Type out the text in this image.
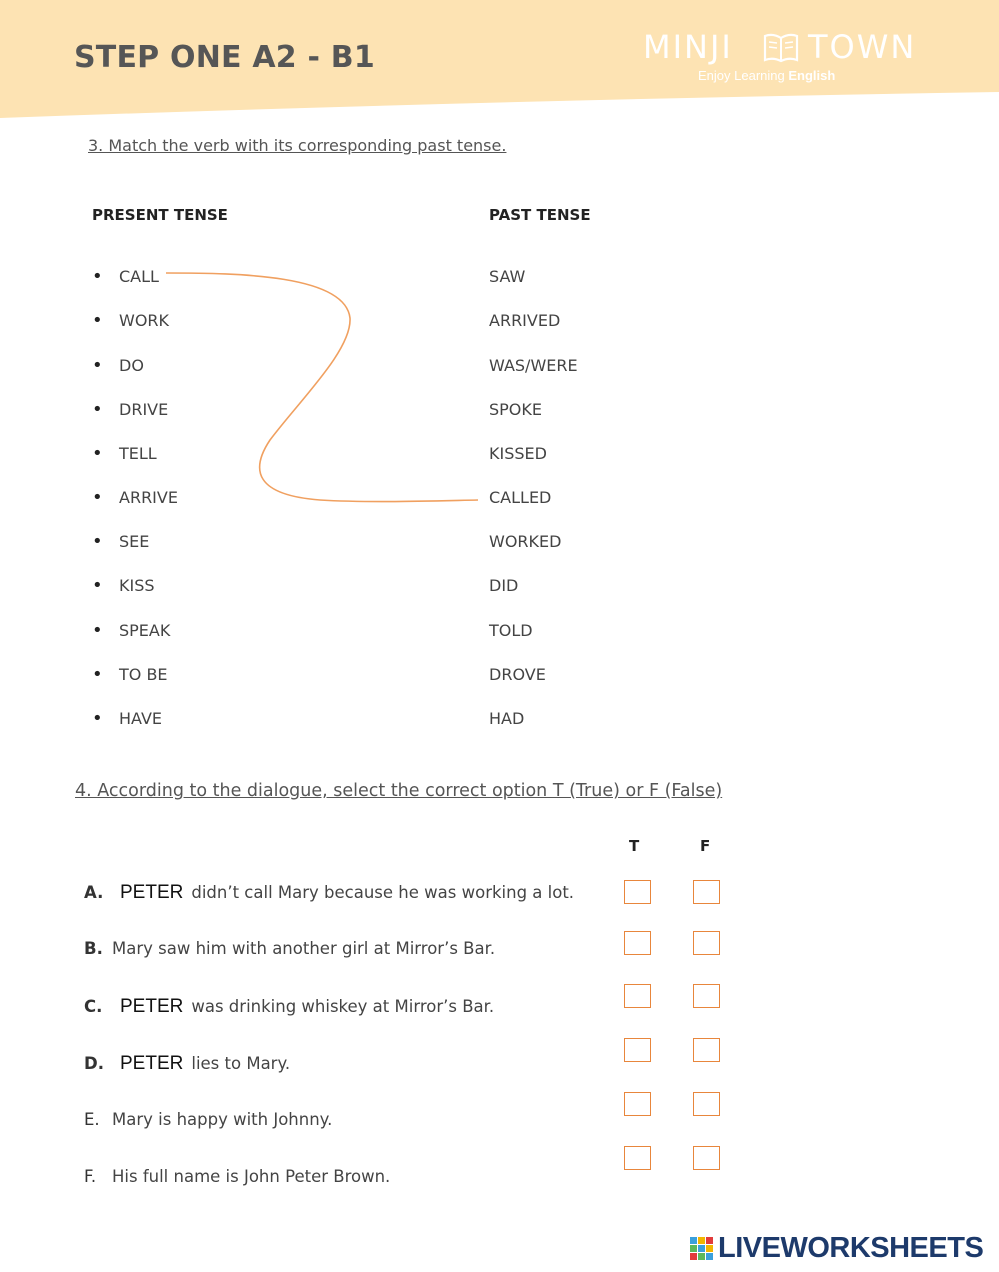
STEP ONE A2 - B1	MINJI TOWN
Enjoy Learning English
3. Match the verb with its corresponding past tense.
PRESENT TENSE	PAST TENSE
• CALL	SAW
• WORK	ARRIVED
• DO	WAS/WERE
• DRIVE	SPOKE
• TELL	KISSED
• ARRIVE	CALLED
• SEE	WORKED
• KISS	DID
• SPEAK	TOLD
• TO BE	DROVE
• HAVE	HAD
4. According to the dialogue, select the correct option T (True) or F (False)
T	F
A. PETER didn’t call Mary because he was working a lot.
B. Mary saw him with another girl at Mirror’s Bar.
C. PETER was drinking whiskey at Mirror’s Bar.
D. PETER lies to Mary.
E. Mary is happy with Johnny.
F. His full name is John Peter Brown.
LIVEWORKSHEETS
